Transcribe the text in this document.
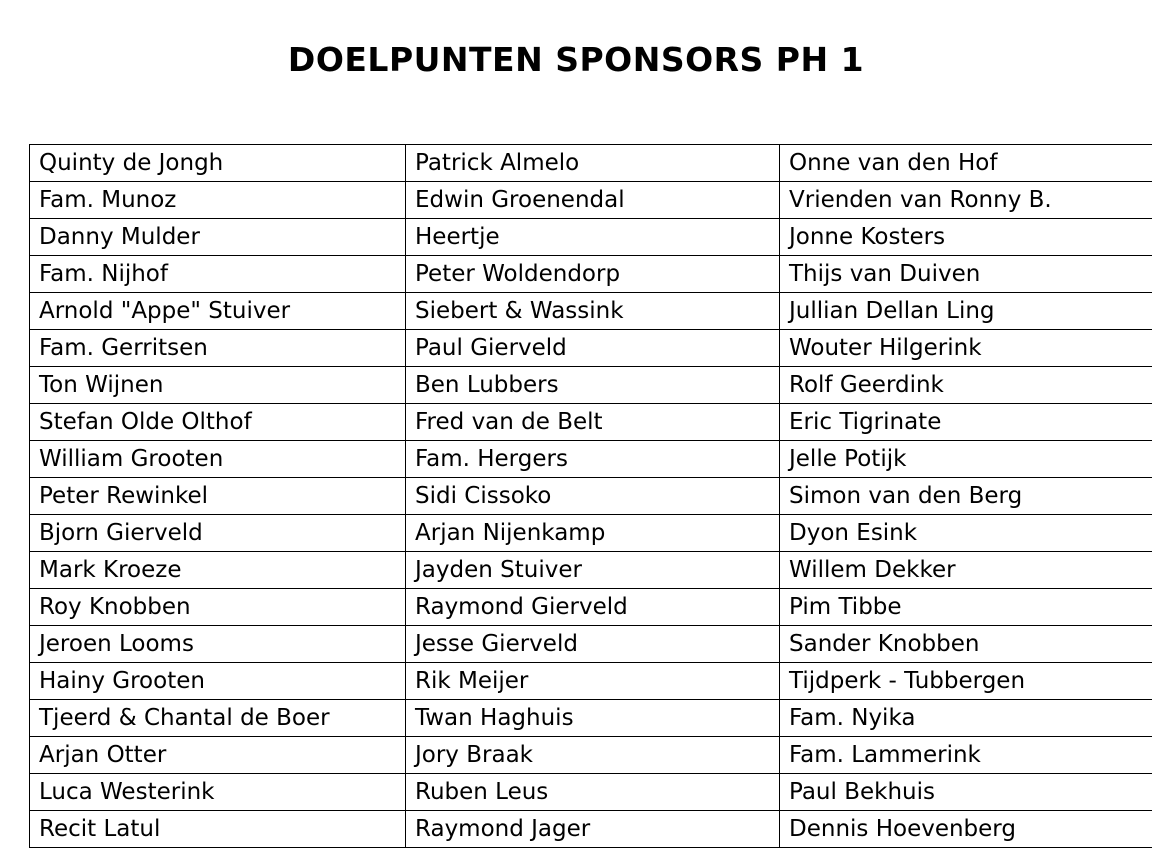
DOELPUNTEN SPONSORS PH 1
Quinty de Jongh	Patrick Almelo	Onne van den Hof
Fam. Munoz	Edwin Groenendal	Vrienden van Ronny B.
Danny Mulder	Heertje	Jonne Kosters
Fam. Nijhof	Peter Woldendorp	Thijs van Duiven
Arnold "Appe" Stuiver	Siebert & Wassink	Jullian Dellan Ling
Fam. Gerritsen	Paul Gierveld	Wouter Hilgerink
Ton Wijnen	Ben Lubbers	Rolf Geerdink
Stefan Olde Olthof	Fred van de Belt	Eric Tigrinate
William Grooten	Fam. Hergers	Jelle Potijk
Peter Rewinkel	Sidi Cissoko	Simon van den Berg
Bjorn Gierveld	Arjan Nijenkamp	Dyon Esink
Mark Kroeze	Jayden Stuiver	Willem Dekker
Roy Knobben	Raymond Gierveld	Pim Tibbe
Jeroen Looms	Jesse Gierveld	Sander Knobben
Hainy Grooten	Rik Meijer	Tijdperk - Tubbergen
Tjeerd & Chantal de Boer	Twan Haghuis	Fam. Nyika
Arjan Otter	Jory Braak	Fam. Lammerink
Luca Westerink	Ruben Leus	Paul Bekhuis
Recit Latul	Raymond Jager	Dennis Hoevenberg
